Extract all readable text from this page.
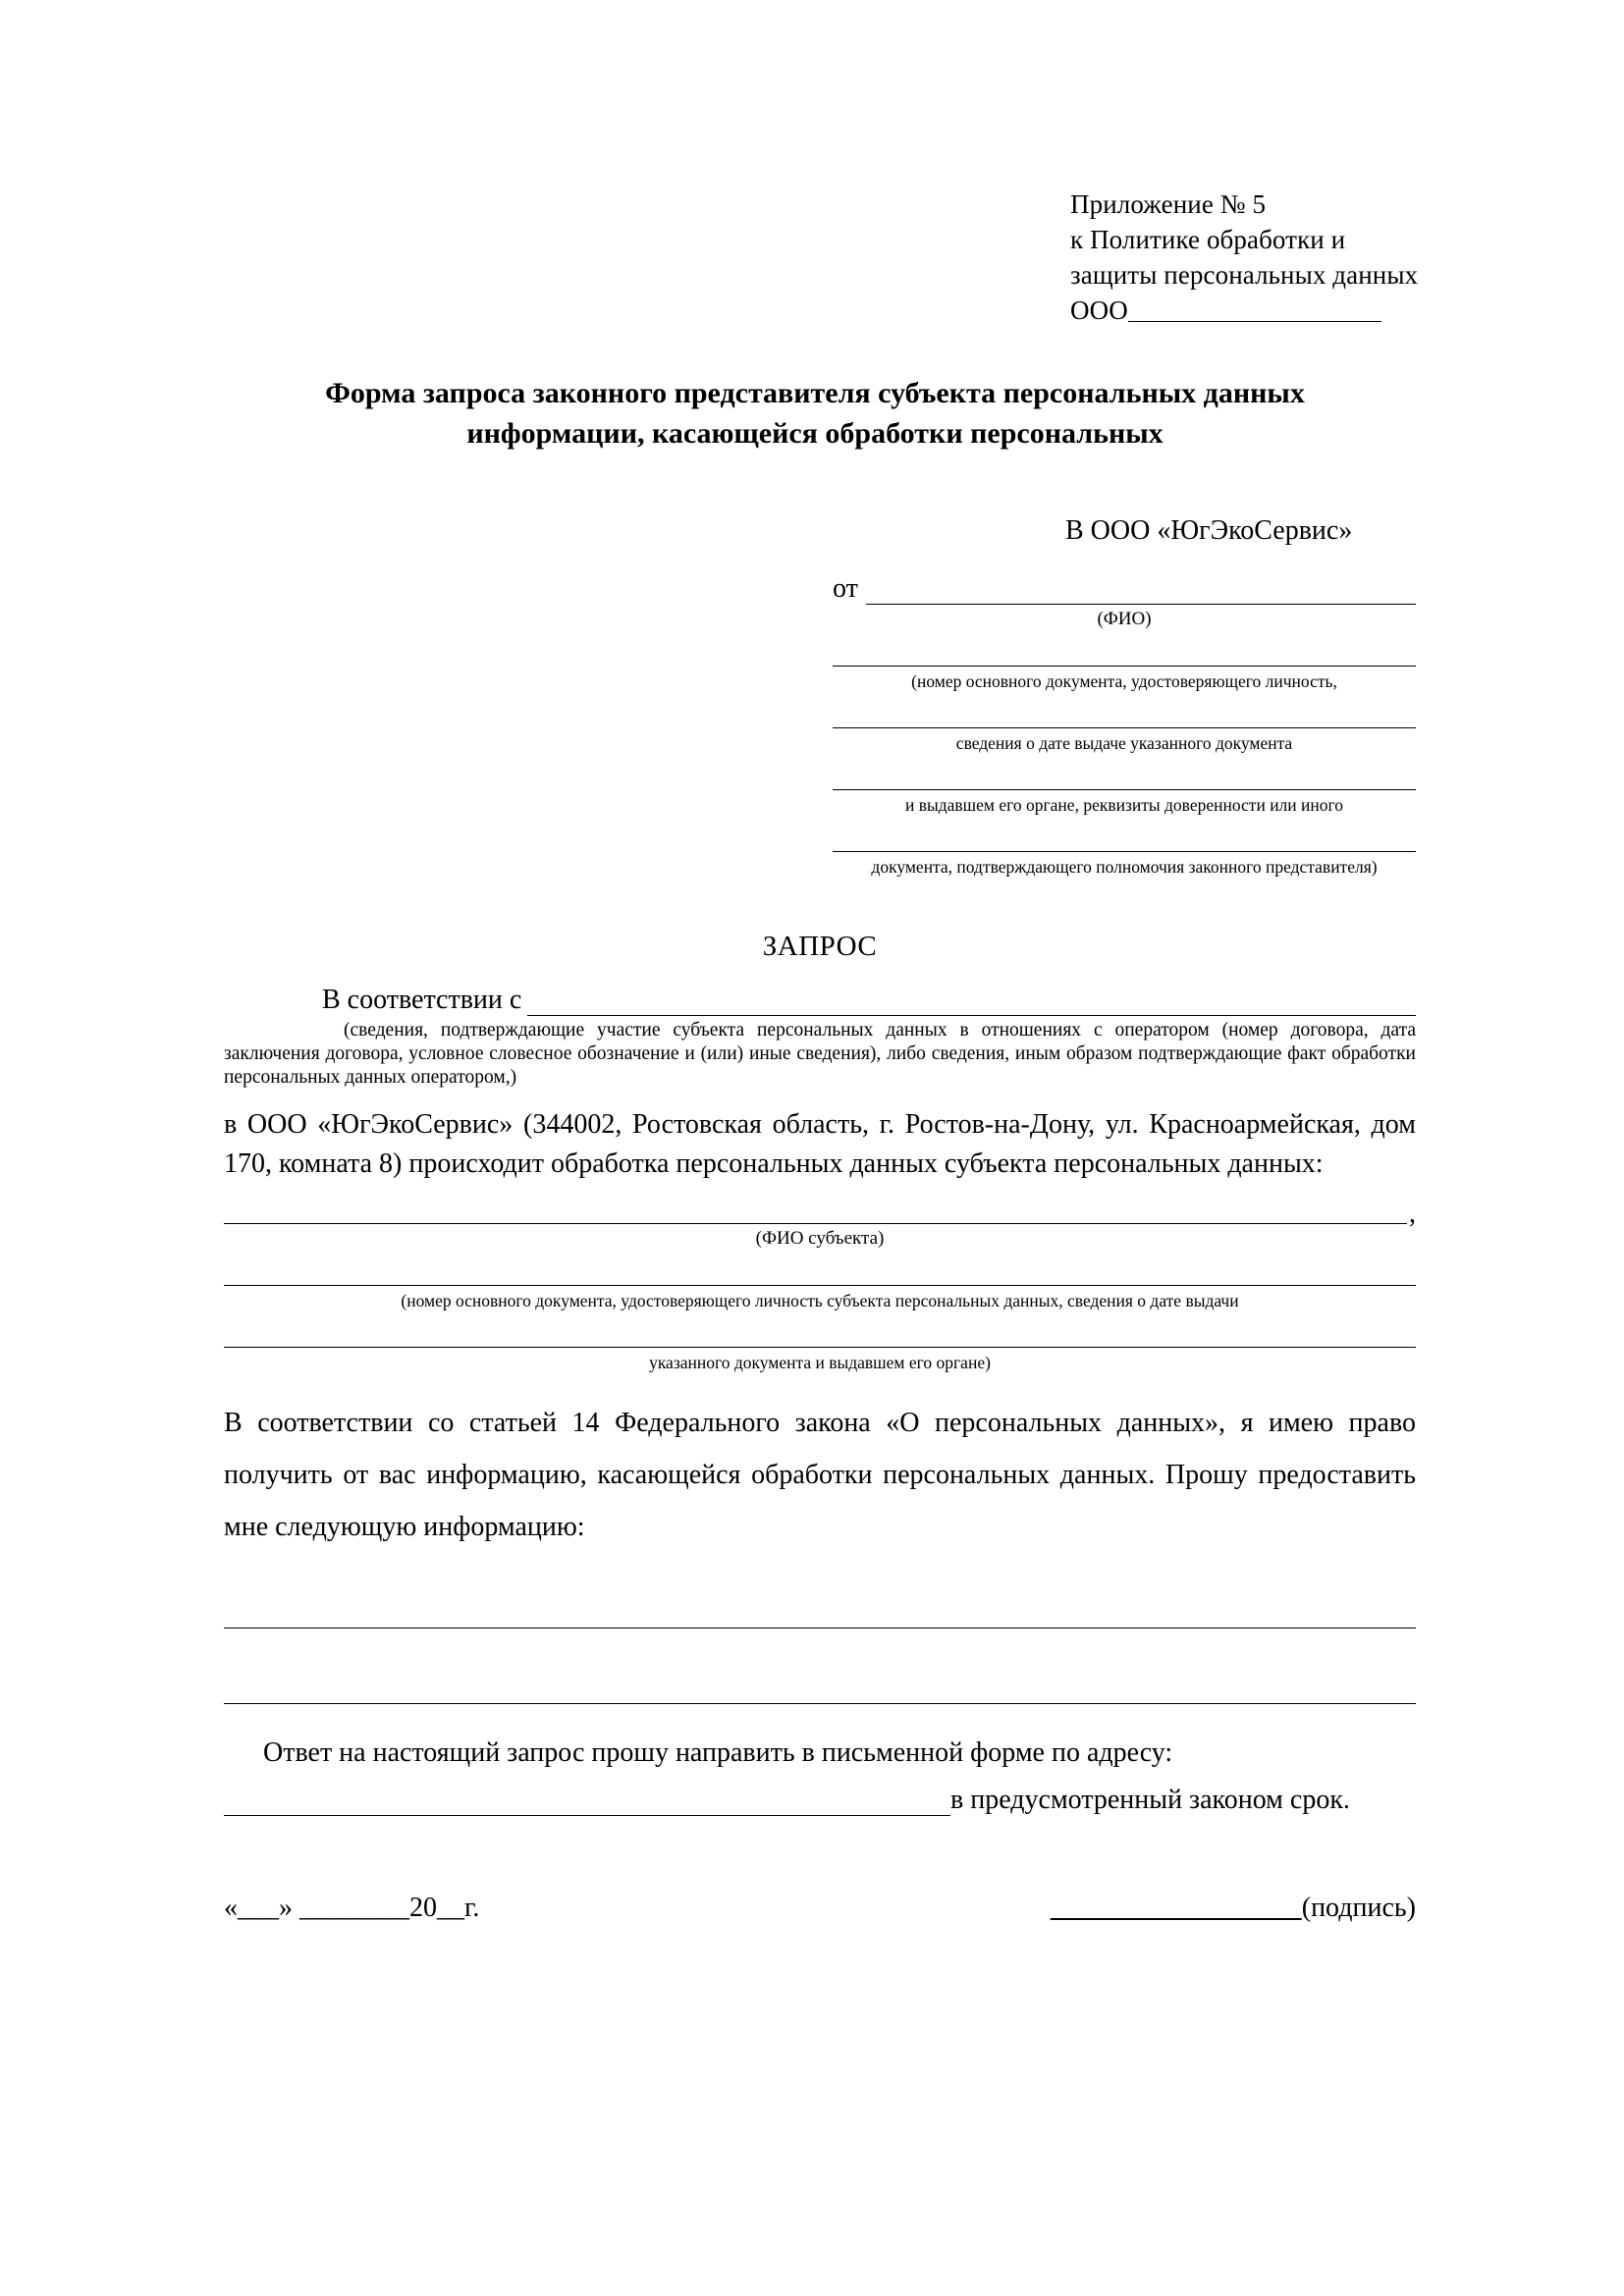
Приложение № 5
к Политике обработки и
защиты персональных данных
ООО
Форма запроса законного представителя субъекта персональных данных информации, касающейся обработки персональных
В ООО «ЮгЭкоСервис»
от
(ФИО)
(номер основного документа, удостоверяющего личность,
сведения о дате выдаче указанного документа
и выдавшем его органе, реквизиты доверенности или иного
документа, подтверждающего полномочия законного представителя)
ЗАПРОС
В соответствии с
(сведения, подтверждающие участие субъекта персональных данных в отношениях с оператором (номер договора, дата заключения договора, условное словесное обозначение и (или) иные сведения), либо сведения, иным образом подтверждающие факт обработки персональных данных оператором,)
в ООО «ЮгЭкоСервис» (344002, Ростовская область, г. Ростов-на-Дону, ул. Красноармейская, дом 170, комната 8) происходит обработка персональных данных субъекта персональных данных:
,
(ФИО субъекта)
(номер основного документа, удостоверяющего личность субъекта персональных данных, сведения о дате выдачи
указанного документа и выдавшем его органе)
В соответствии со статьей 14 Федерального закона «О персональных данных», я имею право получить от вас информацию, касающейся обработки персональных данных. Прошу предоставить мне следующую информацию:
Ответ на настоящий запрос прошу направить в письменной форме по адресу:
в предусмотренный законом срок.
«___» ________20__г.	(подпись)
